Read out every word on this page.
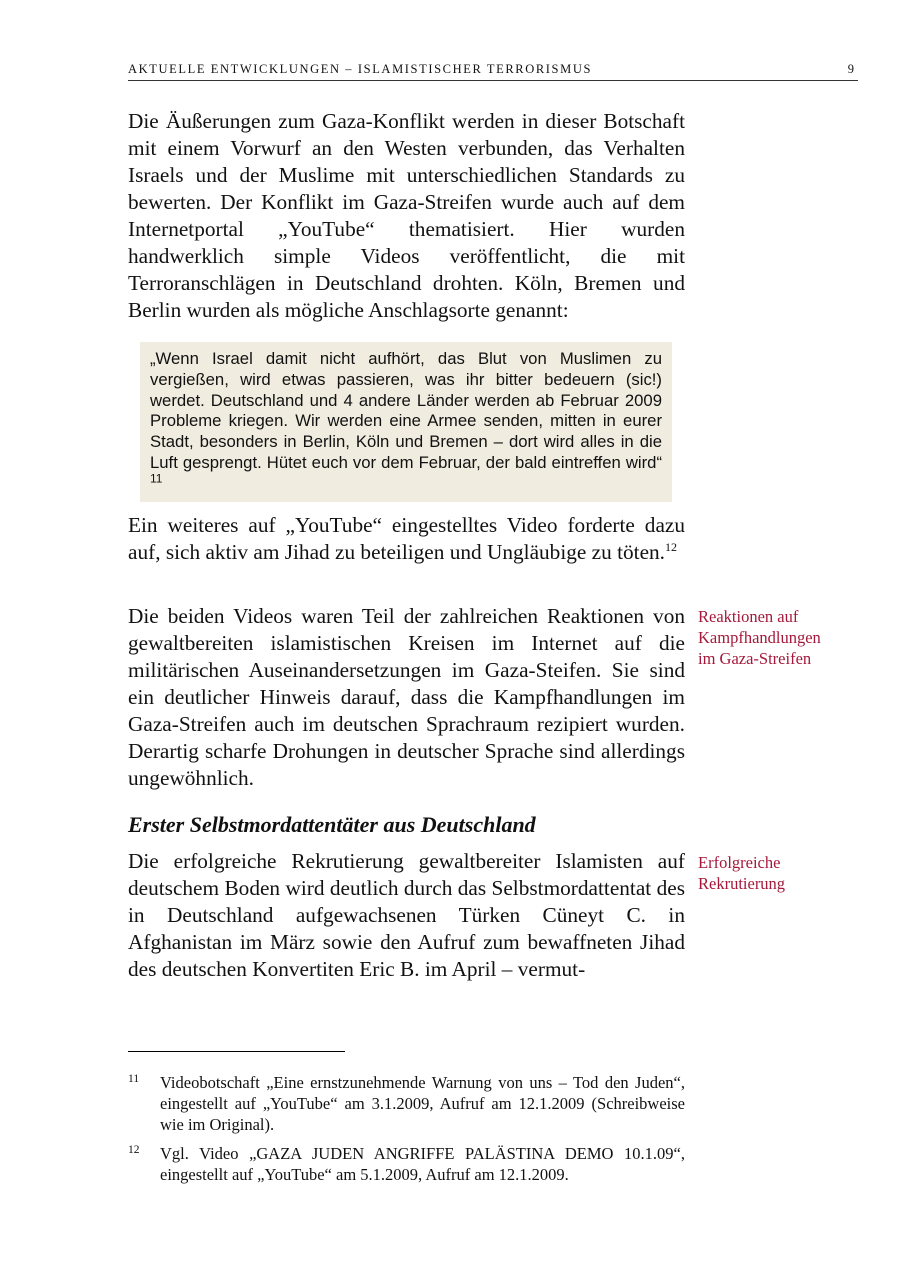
AKTUELLE ENTWICKLUNGEN – ISLAMISTISCHER TERRORISMUS	9

Die Äußerungen zum Gaza-Konflikt werden in dieser Botschaft mit einem Vorwurf an den Westen verbunden, das Verhalten Israels und der Muslime mit unterschiedlichen Standards zu bewerten. Der Konflikt im Gaza-Streifen wurde auch auf dem Internetportal „YouTube“ thematisiert. Hier wurden handwerklich simple Videos veröffentlicht, die mit Terroranschlägen in Deutschland drohten. Köln, Bremen und Berlin wurden als mögliche Anschlagsorte genannt:

„Wenn Israel damit nicht aufhört, das Blut von Muslimen zu vergießen, wird etwas passieren, was ihr bitter bedeuern (sic!) werdet. Deutschland und 4 andere Länder werden ab Februar 2009 Probleme kriegen. Wir werden eine Armee senden, mitten in eurer Stadt, besonders in Berlin, Köln und Bremen – dort wird alles in die Luft gesprengt. Hütet euch vor dem Februar, der bald eintreffen wird“ $^{11}$

Ein weiteres auf „YouTube“ eingestelltes Video forderte dazu auf, sich aktiv am Jihad zu beteiligen und Ungläubige zu töten.$^{12}$

Die beiden Videos waren Teil der zahlreichen Reaktionen von gewaltbereiten islamistischen Kreisen im Internet auf die militärischen Auseinandersetzungen im Gaza-Steifen. Sie sind ein deutlicher Hinweis darauf, dass die Kampfhandlungen im Gaza-Streifen auch im deutschen Sprachraum rezipiert wurden. Derartig scharfe Drohungen in deutscher Sprache sind allerdings ungewöhnlich.

Reaktionen auf
Kampfhandlungen
im Gaza-Streifen
Erster Selbstmordattentäter aus Deutschland

Die erfolgreiche Rekrutierung gewaltbereiter Islamisten auf deutschem Boden wird deutlich durch das Selbstmordattentat des in Deutschland aufgewachsenen Türken Cüneyt C. in Afghanistan im März sowie den Aufruf zum bewaffneten Jihad des deutschen Konvertiten Eric B. im April – vermut-

Erfolgreiche
Rekrutierung
11 Videobotschaft „Eine ernstzunehmende Warnung von uns – Tod den Juden“, eingestellt auf „YouTube“ am 3.1.2009, Aufruf am 12.1.2009 (Schreibweise wie im Original).
12 Vgl. Video „GAZA JUDEN ANGRIFFE PALÄSTINA DEMO 10.1.09“, eingestellt auf „YouTube“ am 5.1.2009, Aufruf am 12.1.2009.
